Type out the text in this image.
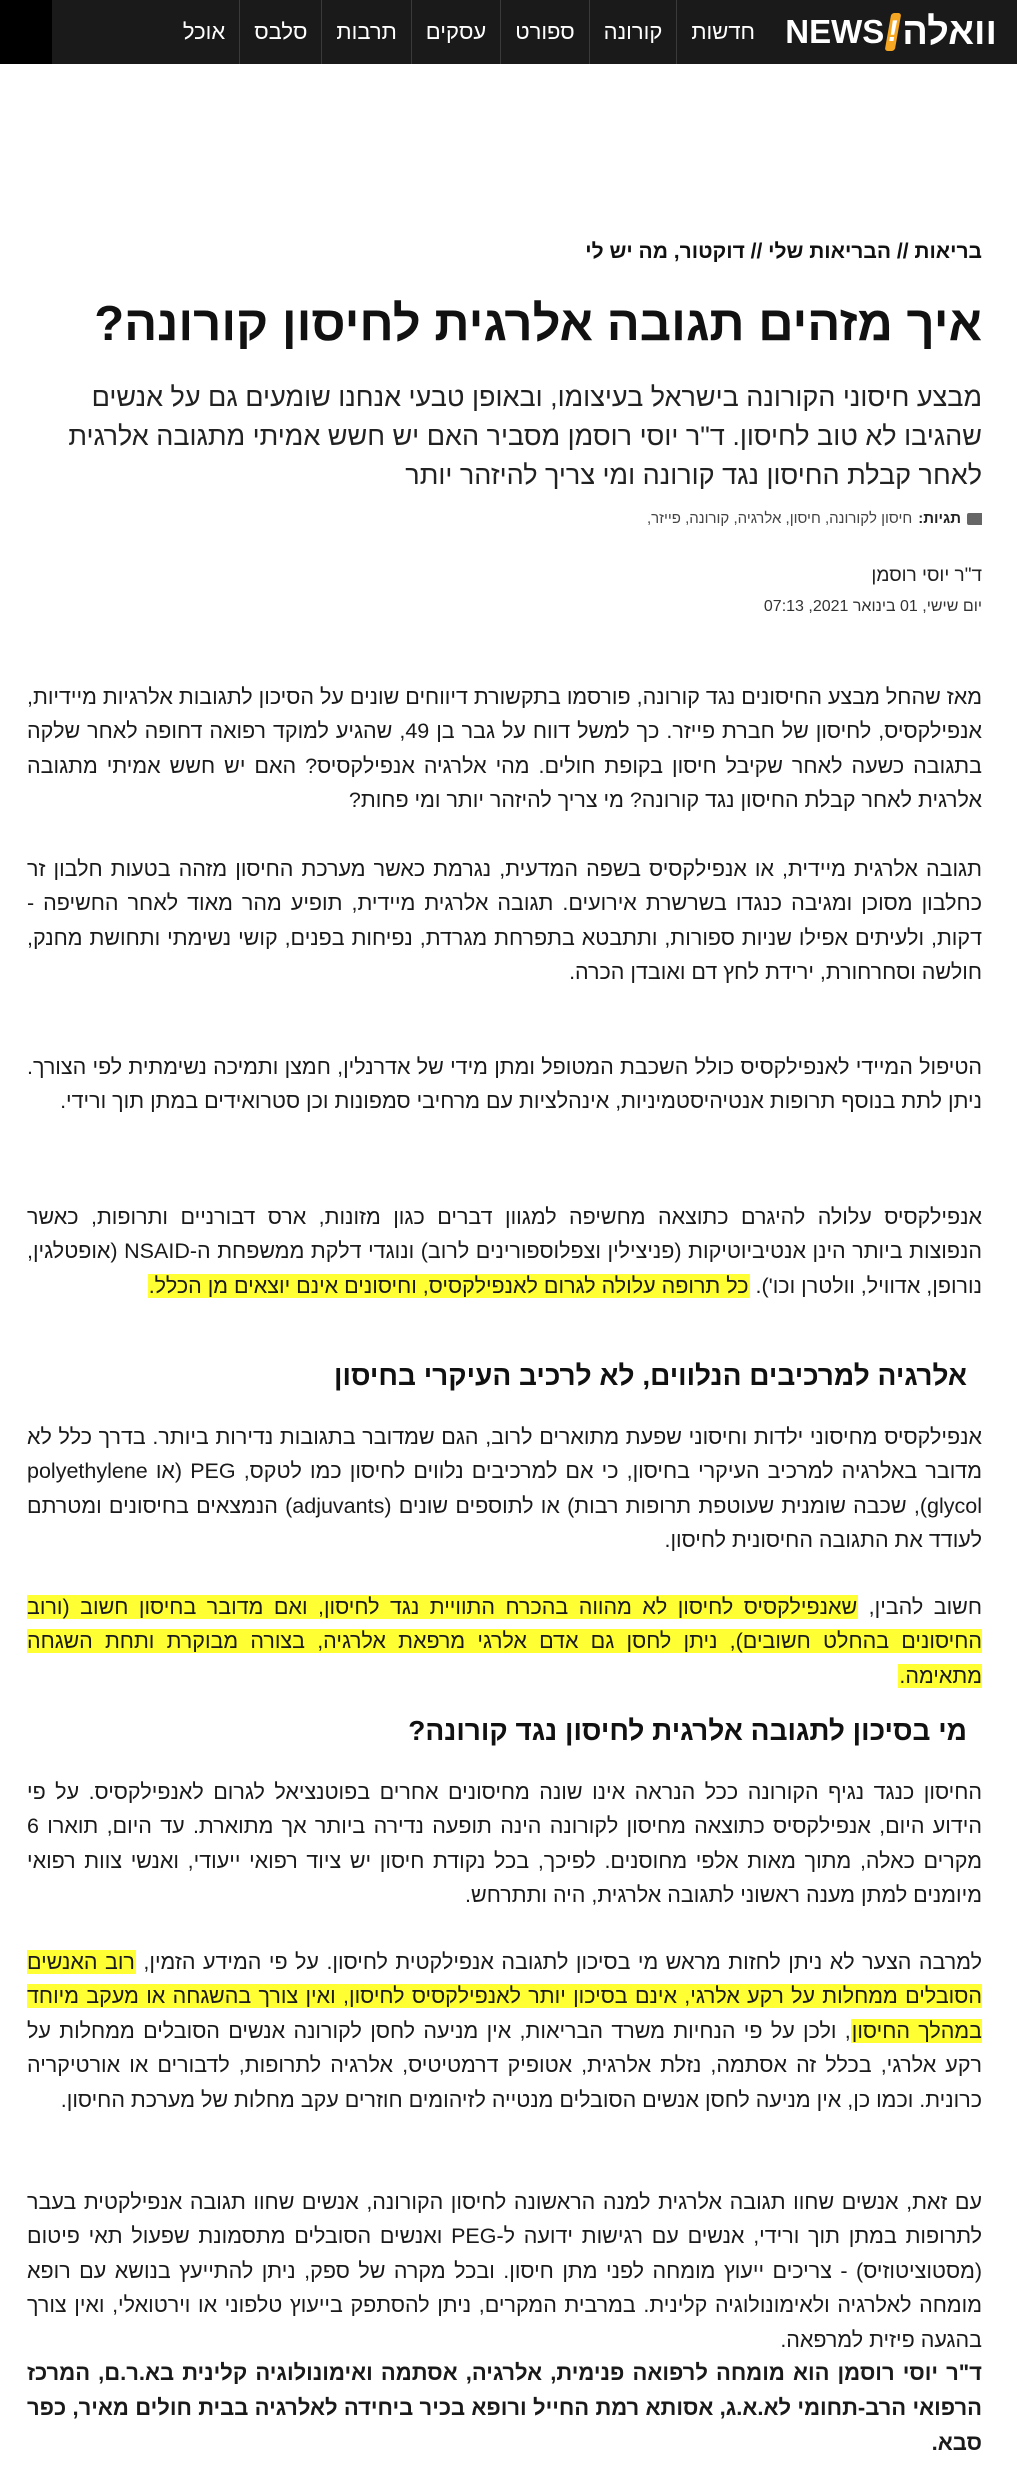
NEWS ! וואלה
חדשות
קורונה
ספורט
עסקים
תרבות
סלבס
אוכל
בריאות // הבריאות שלי // דוקטור, מה יש לי
איך מזהים תגובה אלרגית לחיסון קורונה?

מבצע חיסוני הקורונה בישראל בעיצומו, ובאופן טבעי אנחנו שומעים גם על אנשים שהגיבו לא טוב לחיסון. ד"ר יוסי רוסמן מסביר האם יש חשש אמיתי מתגובה אלרגית לאחר קבלת החיסון נגד קורונה ומי צריך להיזהר יותר

תגיות:
חיסון לקורונה, חיסון, אלרגיה, קורונה, פייזר,
ד"ר יוסי רוסמן
יום שישי, 01 בינואר 2021, 07:13

מאז שהחל מבצע החיסונים נגד קורונה, פורסמו בתקשורת דיווחים שונים על הסיכון לתגובות אלרגיות מיידיות, אנפילקסיס, לחיסון של חברת פייזר. כך למשל דווח על גבר בן 49, שהגיע למוקד רפואה דחופה לאחר שלקה בתגובה כשעה לאחר שקיבל חיסון בקופת חולים. מהי אלרגיה אנפילקסיס? האם יש חשש אמיתי מתגובה אלרגית לאחר קבלת החיסון נגד קורונה? מי צריך להיזהר יותר ומי פחות?

תגובה אלרגית מיידית, או אנפילקסיס בשפה המדעית, נגרמת כאשר מערכת החיסון מזהה בטעות חלבון זר כחלבון מסוכן ומגיבה כנגדו בשרשרת אירועים. תגובה אלרגית מיידית, תופיע מהר מאוד לאחר החשיפה - דקות, ולעיתים אפילו שניות ספורות, ותתבטא בתפרחת מגרדת, נפיחות בפנים, קושי נשימתי ותחושת מחנק, חולשה וסחרחורת, ירידת לחץ דם ואובדן הכרה.

הטיפול המיידי לאנפילקסיס כולל השכבת המטופל ומתן מידי של אדרנלין, חמצן ותמיכה נשימתית לפי הצורך. ניתן לתת בנוסף תרופות אנטיהיסטמיניות, אינהלציות עם מרחיבי סמפונות וכן סטרואידים במתן תוך ורידי.

אנפילקסיס עלולה להיגרם כתוצאה מחשיפה למגוון דברים כגון מזונות, ארס דבורניים ותרופות, כאשר הנפוצות ביותר הינן אנטיביוטיקות (פניצילין וצפלוספורינים לרוב) ונוגדי דלקת ממשפחת ה-NSAID (אופטלגין, נורופן, אדוויל, וולטרן וכו'). כל תרופה עלולה לגרום לאנפילקסיס, וחיסונים אינם יוצאים מן הכלל.

אלרגיה למרכיבים הנלווים, לא לרכיב העיקרי בחיסון

אנפילקסיס מחיסוני ילדות וחיסוני שפעת מתוארים לרוב, הגם שמדובר בתגובות נדירות ביותר. בדרך כלל לא מדובר באלרגיה למרכיב העיקרי בחיסון, כי אם למרכיבים נלווים לחיסון כמו לטקס, PEG (או polyethylene glycol), שכבה שומנית שעוטפת תרופות רבות) או לתוספים שונים (adjuvants) הנמצאים בחיסונים ומטרתם לעודד את התגובה החיסונית לחיסון.

חשוב להבין, שאנפילקסיס לחיסון לא מהווה בהכרח התוויית נגד לחיסון, ואם מדובר בחיסון חשוב (ורוב החיסונים בהחלט חשובים), ניתן לחסן גם אדם אלרגי מרפאת אלרגיה, בצורה מבוקרת ותחת השגחה מתאימה.

מי בסיכון לתגובה אלרגית לחיסון נגד קורונה?

החיסון כנגד נגיף הקורונה ככל הנראה אינו שונה מחיסונים אחרים בפוטנציאל לגרום לאנפילקסיס. על פי הידוע היום, אנפילקסיס כתוצאה מחיסון לקורונה הינה תופעה נדירה ביותר אך מתוארת. עד היום, תוארו 6 מקרים כאלה, מתוך מאות אלפי מחוסנים. לפיכך, בכל נקודת חיסון יש ציוד רפואי ייעודי, ואנשי צוות רפואי מיומנים למתן מענה ראשוני לתגובה אלרגית, היה ותתרחש.

למרבה הצער לא ניתן לחזות מראש מי בסיכון לתגובה אנפילקטית לחיסון. על פי המידע הזמין, רוב האנשים הסובלים ממחלות על רקע אלרגי, אינם בסיכון יותר לאנפילקסיס לחיסון, ואין צורך בהשגחה או מעקב מיוחד במהלך החיסון, ולכן על פי הנחיות משרד הבריאות, אין מניעה לחסן לקורונה אנשים הסובלים ממחלות על רקע אלרגי, בכלל זה אסתמה, נזלת אלרגית, אטופיק דרמטיטיס, אלרגיה לתרופות, לדבורים או אורטיקריה כרונית. וכמו כן, אין מניעה לחסן אנשים הסובלים מנטייה לזיהומים חוזרים עקב מחלות של מערכת החיסון.

עם זאת, אנשים שחוו תגובה אלרגית למנה הראשונה לחיסון הקורונה, אנשים שחוו תגובה אנפילקטית בעבר לתרופות במתן תוך ורידי, אנשים עם רגישות ידועה ל-PEG ואנשים הסובלים מתסמונת שפעול תאי פיטום (מסטוציטוזיס) - צריכים ייעוץ מומחה לפני מתן חיסון. ובכל מקרה של ספק, ניתן להתייעץ בנושא עם רופא מומחה לאלרגיה ולאימונולוגיה קלינית. במרבית המקרים, ניתן להסתפק בייעוץ טלפוני או וירטואלי, ואין צורך בהגעה פיזית למרפאה.

ד"ר יוסי רוסמן הוא מומחה לרפואה פנימית, אלרגיה, אסתמה ואימונולוגיה קלינית בא.ר.ם, המרכז הרפואי הרב-תחומי לא.א.ג, אסותא רמת החייל ורופא בכיר ביחידה לאלרגיה בבית חולים מאיר, כפר סבא.
